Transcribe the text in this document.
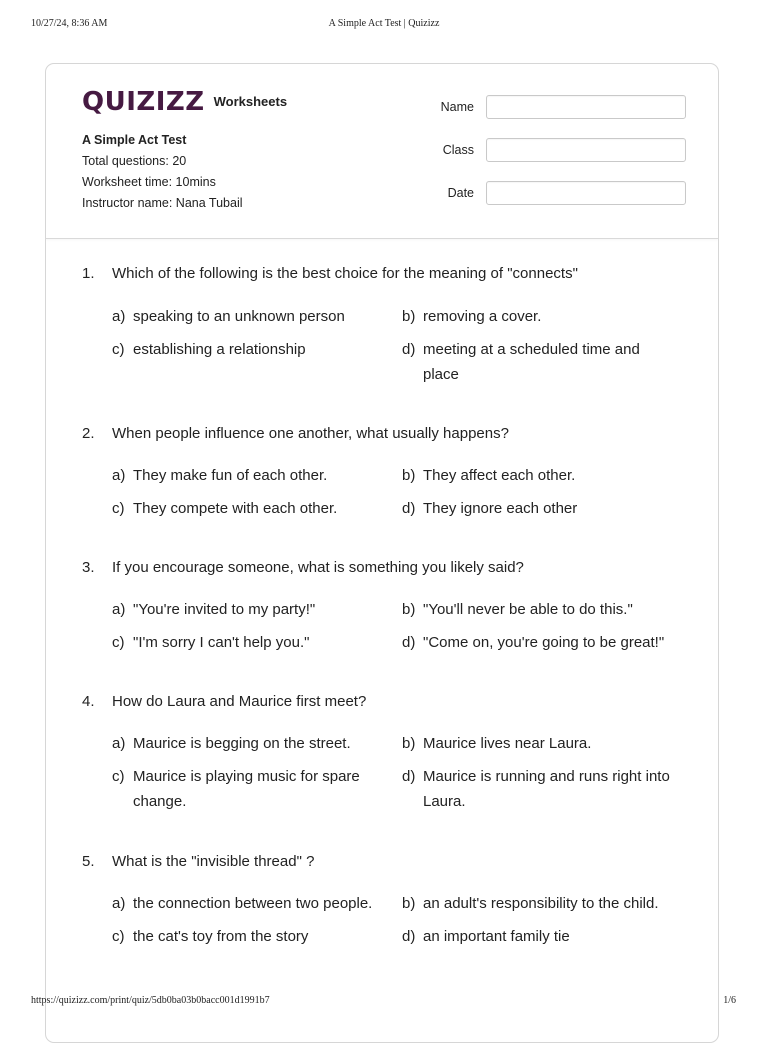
10/27/24, 8:36 AM	A Simple Act Test | Quizizz
QUIZIZZ Worksheets
A Simple Act Test
Total questions: 20
Worksheet time: 10mins
Instructor name: Nana Tubail
Name
Class
Date
1. Which of the following is the best choice for the meaning of "connects"
a) speaking to an unknown person	b) removing a cover.
c) establishing a relationship	d) meeting at a scheduled time and place
2. When people influence one another, what usually happens?
a) They make fun of each other.	b) They affect each other.
c) They compete with each other.	d) They ignore each other
3. If you encourage someone, what is something you likely said?
a) "You're invited to my party!"	b) "You'll never be able to do this."
c) "I'm sorry I can't help you."	d) "Come on, you're going to be great!"
4. How do Laura and Maurice first meet?
a) Maurice is begging on the street.	b) Maurice lives near Laura.
c) Maurice is playing music for spare change.
d) Maurice is running and runs right into Laura.
5. What is the "invisible thread" ?
a) the connection between two people. b) an adult's responsibility to the child.
c) the cat's toy from the story	d) an important family tie
https://quizizz.com/print/quiz/5db0ba03b0bacc001d1991b7	1/6
